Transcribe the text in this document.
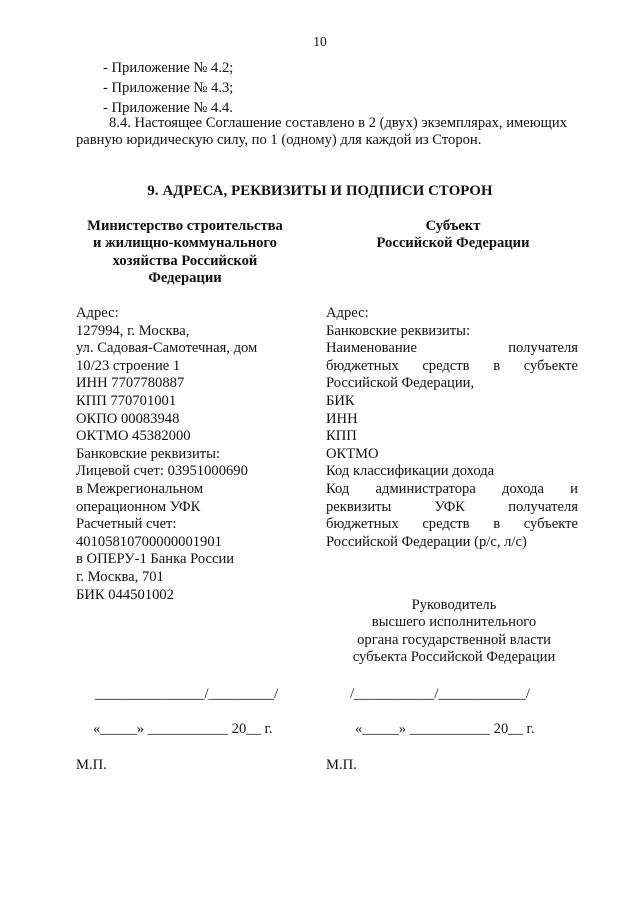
10
- Приложение № 4.2;
- Приложение № 4.3;
- Приложение № 4.4.
8.4. Настоящее Соглашение составлено в 2 (двух) экземплярах, имеющих
равную юридическую силу, по 1 (одному) для каждой из Сторон.
9. АДРЕСА, РЕКВИЗИТЫ И ПОДПИСИ СТОРОН
Министерство строительства
и жилищно-коммунального
хозяйства Российской
Федерации
Субъект
Российской Федерации
Адрес:
127994, г. Москва,
ул. Садовая-Самотечная, дом
10/23 строение 1
ИНН 7707780887
КПП 770701001
ОКПО 00083948
ОКТМО 45382000
Банковские реквизиты:
Лицевой счет: 03951000690
в Межрегиональном
операционном УФК
Расчетный счет:
40105810700000001901
в ОПЕРУ-1 Банка России
г. Москва, 701
БИК 044501002
Адрес:
Банковские реквизиты:
Наименование	получателя
бюджетных средств в субъекте
Российской Федерации,
БИК
ИНН
КПП
ОКТМО
Код классификации дохода
Код администратора дохода и
реквизиты	УФК	получателя
бюджетных средств в субъекте
Российской Федерации (р/с, л/с)
Руководитель
высшего исполнительного
органа государственной власти
субъекта Российской Федерации
_______________/_________/	/___________/____________/
«_____» ___________ 20__ г.	«_____» ___________ 20__ г.
М.П.	М.П.
